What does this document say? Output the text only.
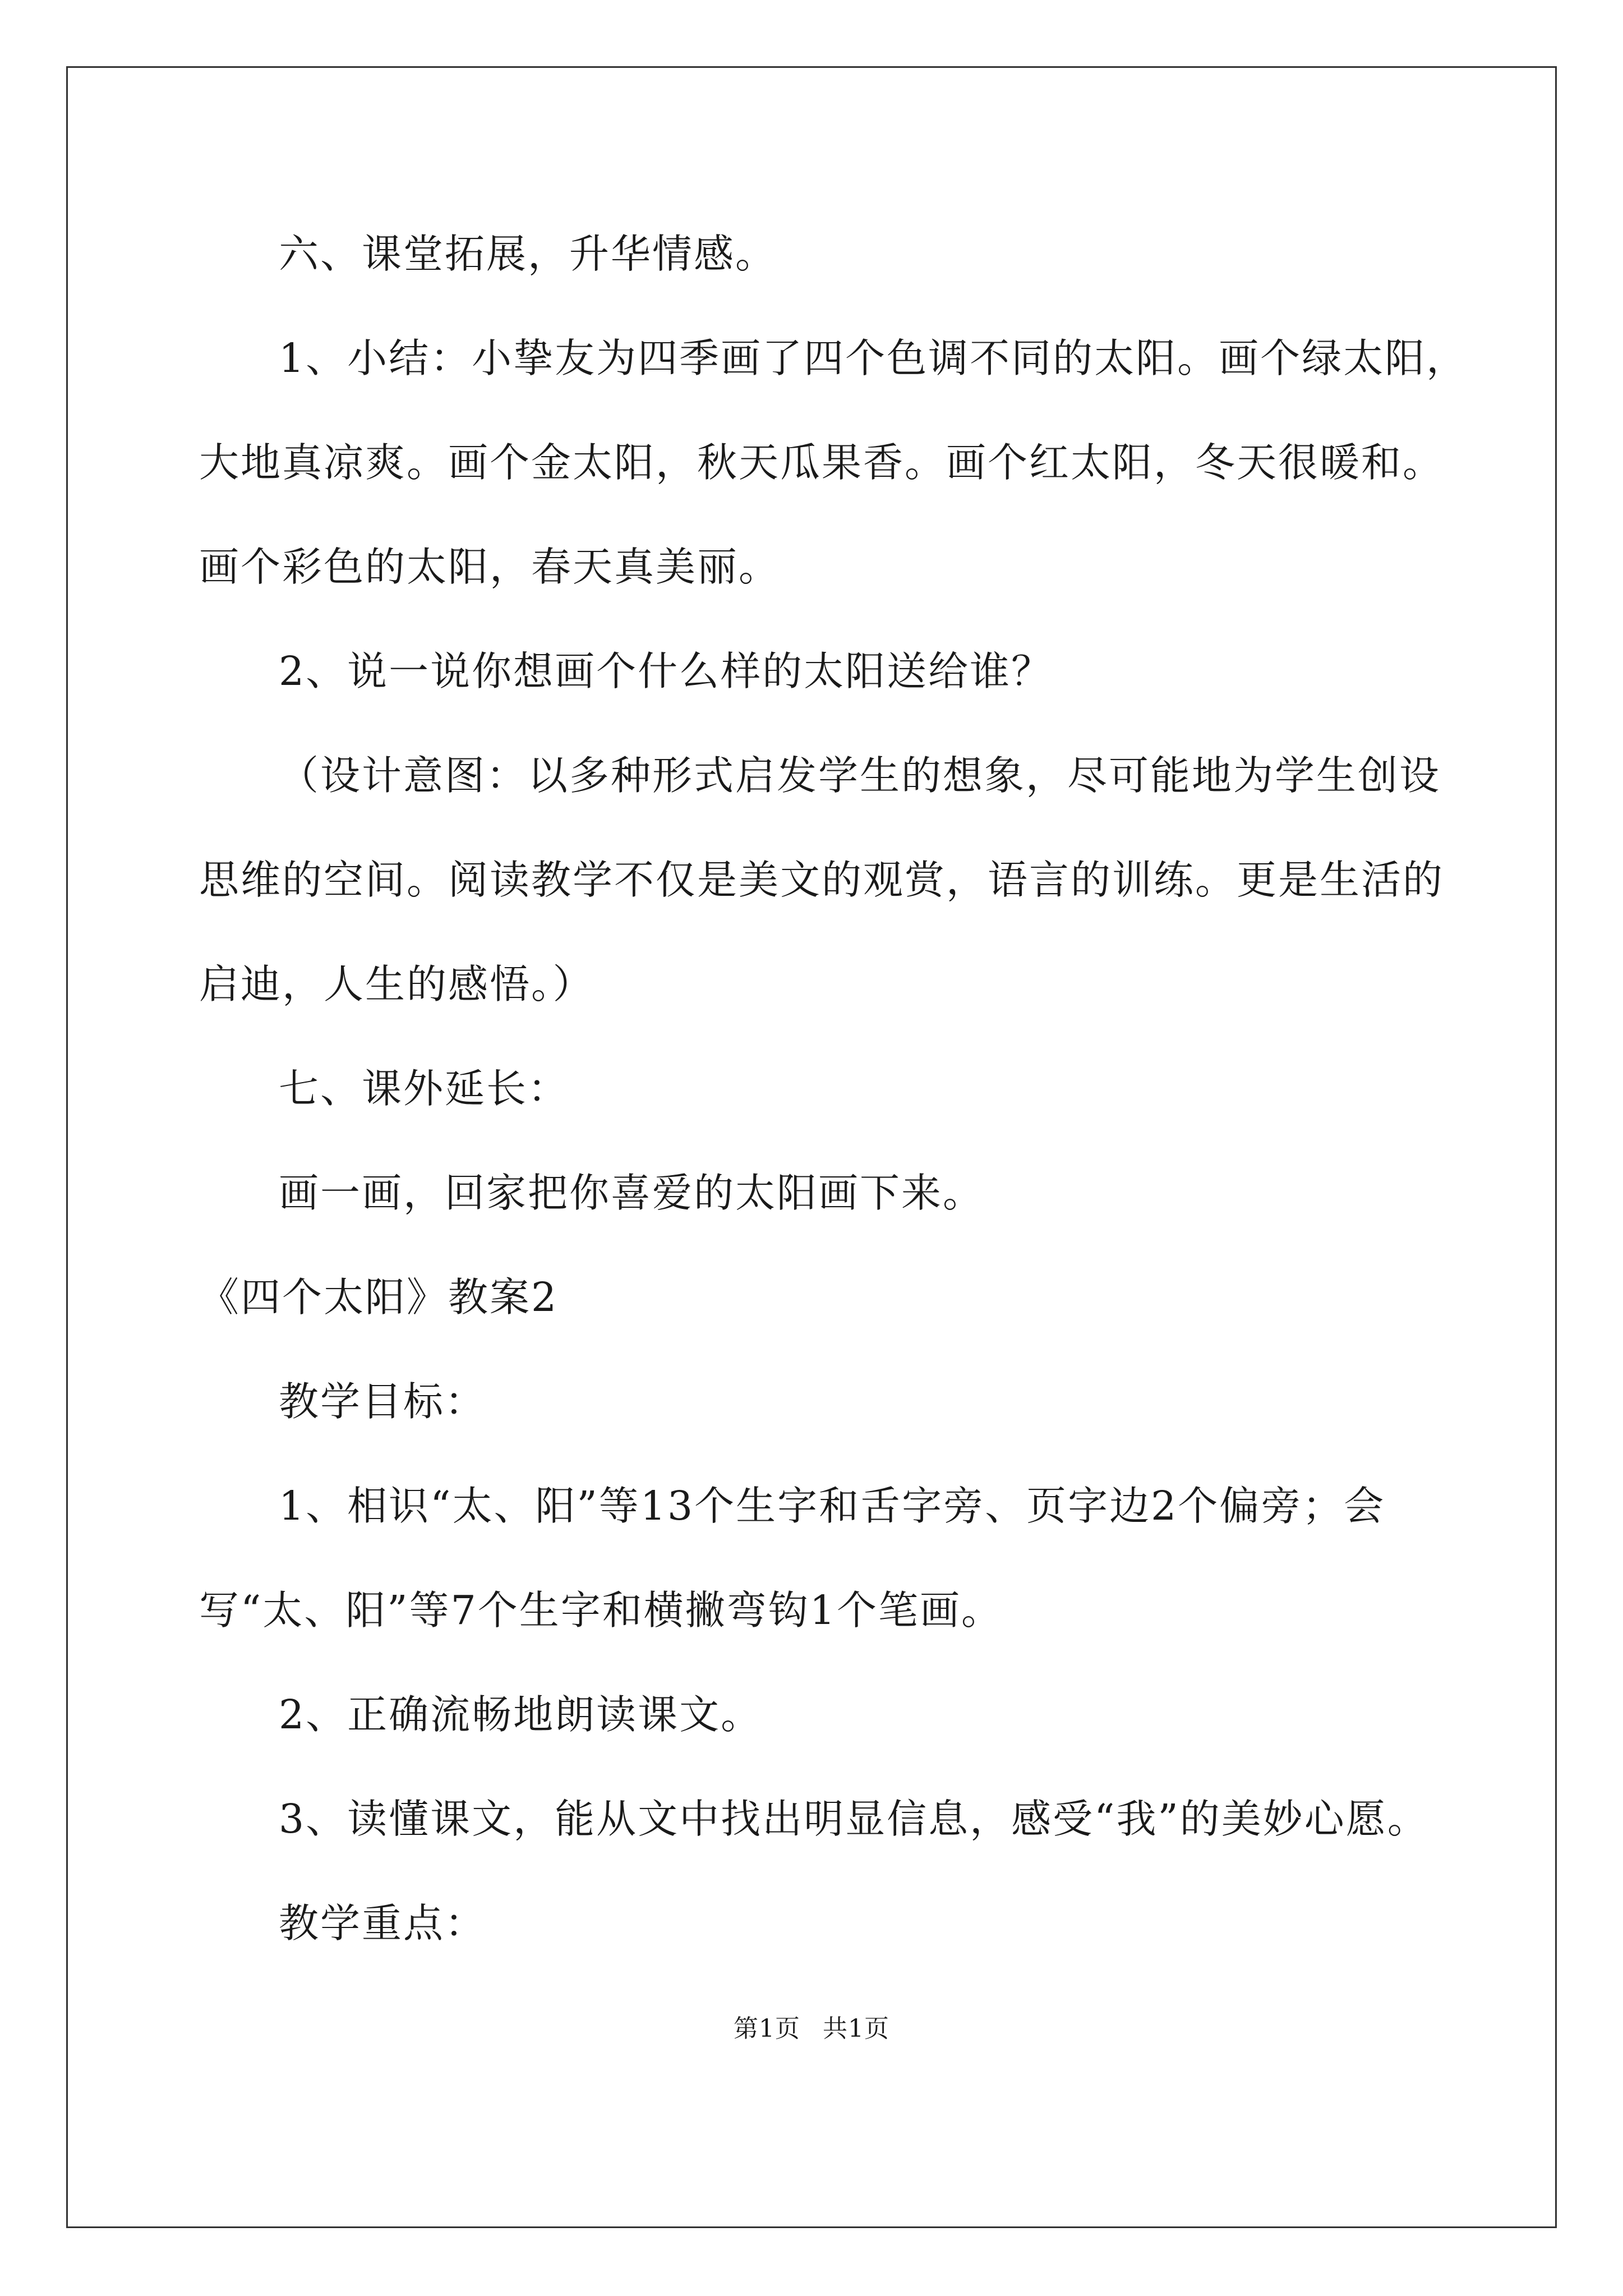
六、课堂拓展，升华情感。
1、小结：小挚友为四季画了四个色调不同的太阳。画个绿太阳，
大地真凉爽。画个金太阳，秋天瓜果香。画个红太阳，冬天很暖和。
画个彩色的太阳，春天真美丽。
2、说一说你想画个什么样的太阳送给谁？
（设计意图：以多种形式启发学生的想象，尽可能地为学生创设
思维的空间。阅读教学不仅是美文的观赏，语言的训练。更是生活的
启迪，人生的感悟。）
七、课外延长：
画一画，回家把你喜爱的太阳画下来。
《四个太阳》教案2
教学目标：
1、相识“太、阳”等13个生字和舌字旁、页字边2个偏旁；会
写“太、阳”等7个生字和横撇弯钩1个笔画。
2、正确流畅地朗读课文。
3、读懂课文，能从文中找出明显信息，感受“我”的美妙心愿。
教学重点：
第1页 共1页
